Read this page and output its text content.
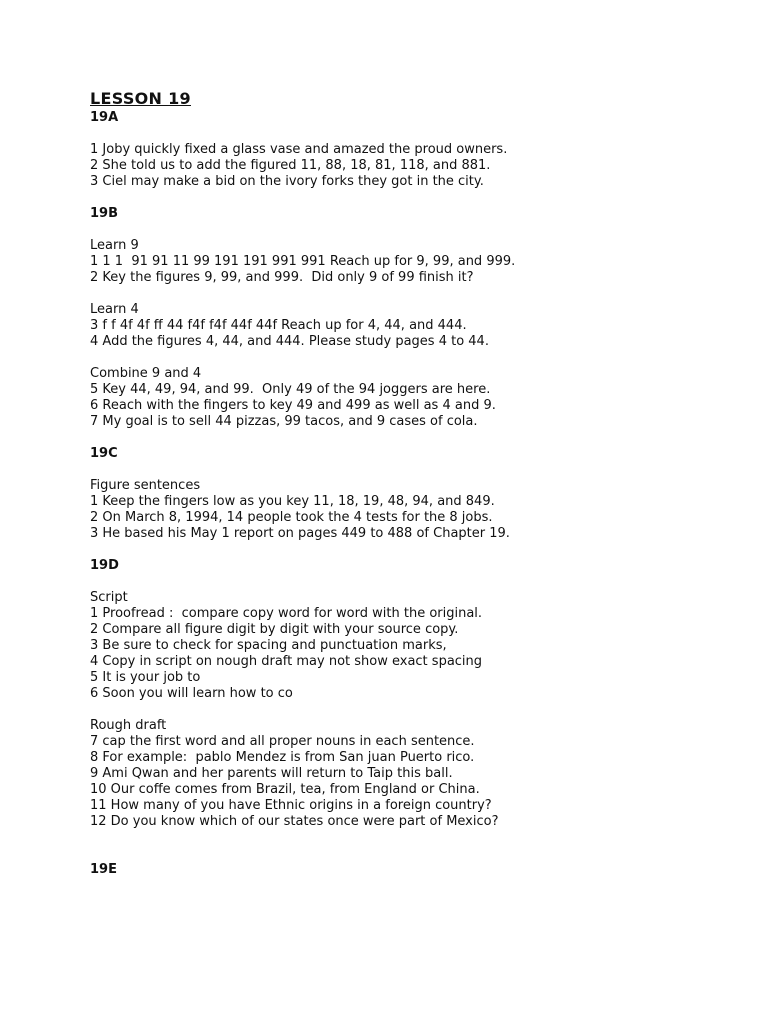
LESSON 19
19A
1 Joby quickly fixed a glass vase and amazed the proud owners.
2 She told us to add the figured 11, 88, 18, 81, 118, and 881.
3 Ciel may make a bid on the ivory forks they got in the city.
19B
Learn 9
1 1 1  91 91 11 99 191 191 991 991 Reach up for 9, 99, and 999.
2 Key the figures 9, 99, and 999.  Did only 9 of 99 finish it?
Learn 4
3 f f 4f 4f ff 44 f4f f4f 44f 44f Reach up for 4, 44, and 444.
4 Add the figures 4, 44, and 444. Please study pages 4 to 44.
Combine 9 and 4
5 Key 44, 49, 94, and 99.  Only 49 of the 94 joggers are here.
6 Reach with the fingers to key 49 and 499 as well as 4 and 9.
7 My goal is to sell 44 pizzas, 99 tacos, and 9 cases of cola.
19C
Figure sentences
1 Keep the fingers low as you key 11, 18, 19, 48, 94, and 849.
2 On March 8, 1994, 14 people took the 4 tests for the 8 jobs.
3 He based his May 1 report on pages 449 to 488 of Chapter 19.
19D
Script
1 Proofread :  compare copy word for word with the original.
2 Compare all figure digit by digit with your source copy.
3 Be sure to check for spacing and punctuation marks,
4 Copy in script on nough draft may not show exact spacing
5 It is your job to
6 Soon you will learn how to co
Rough draft
7 cap the first word and all proper nouns in each sentence.
8 For example:  pablo Mendez is from San juan Puerto rico.
9 Ami Qwan and her parents will return to Taip this ball.
10 Our coffe comes from Brazil, tea, from England or China.
11 How many of you have Ethnic origins in a foreign country?
12 Do you know which of our states once were part of Mexico?
19E
